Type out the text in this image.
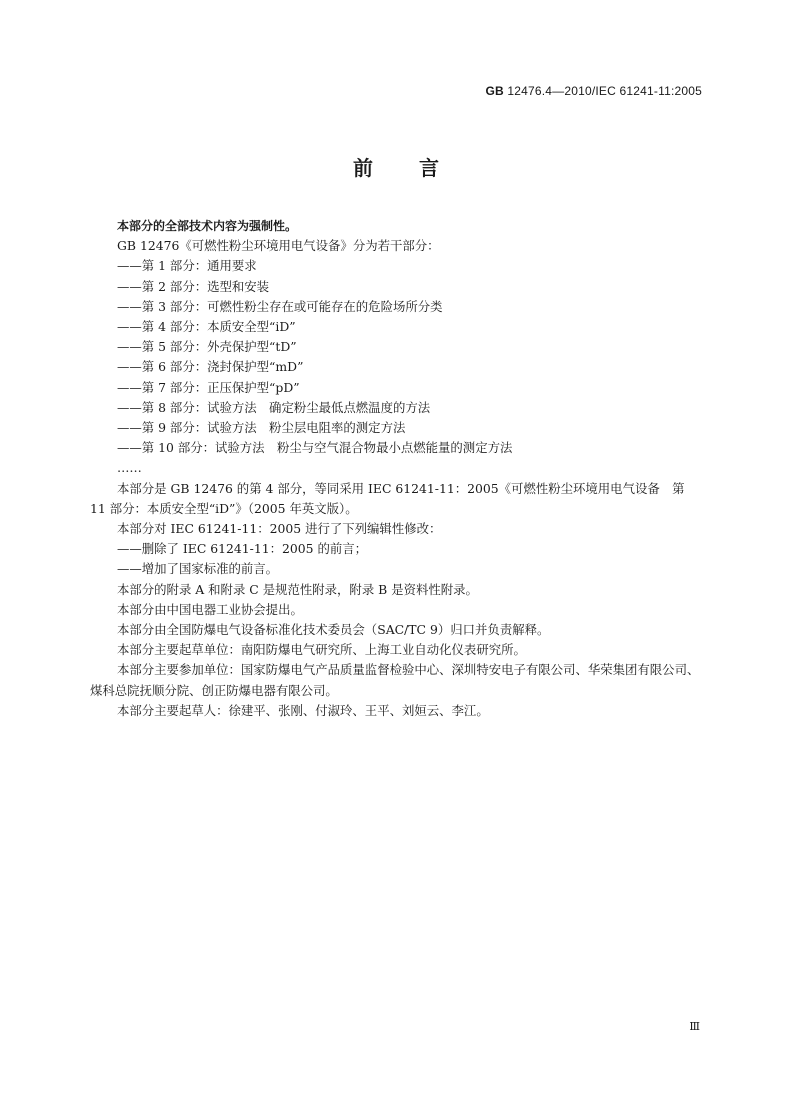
GB 12476.4—2010/IEC 61241-11:2005
前言

本部分的全部技术内容为强制性。

GB 12476《可燃性粉尘环境用电气设备》分为若干部分：

——第 1 部分：通用要求

——第 2 部分：选型和安装

——第 3 部分：可燃性粉尘存在或可能存在的危险场所分类

——第 4 部分：本质安全型“iD”

——第 5 部分：外壳保护型“tD”

——第 6 部分：浇封保护型“mD”

——第 7 部分：正压保护型“pD”

——第 8 部分：试验方法　确定粉尘最低点燃温度的方法

——第 9 部分：试验方法　粉尘层电阻率的测定方法

——第 10 部分：试验方法　粉尘与空气混合物最小点燃能量的测定方法

……

本部分是 GB 12476 的第 4 部分，等同采用 IEC 61241-11：2005《可燃性粉尘环境用电气设备　第 11 部分：本质安全型“iD”》（2005 年英文版）。

本部分对 IEC 61241-11：2005 进行了下列编辑性修改：

——删除了 IEC 61241-11：2005 的前言；

——增加了国家标准的前言。

本部分的附录 A 和附录 C 是规范性附录，附录 B 是资料性附录。

本部分由中国电器工业协会提出。

本部分由全国防爆电气设备标准化技术委员会（SAC/TC 9）归口并负责解释。

本部分主要起草单位：南阳防爆电气研究所、上海工业自动化仪表研究所。

本部分主要参加单位：国家防爆电气产品质量监督检验中心、深圳特安电子有限公司、华荣集团有限公司、煤科总院抚顺分院、创正防爆电器有限公司。

本部分主要起草人：徐建平、张刚、付淑玲、王平、刘姮云、李江。

Ⅲ
